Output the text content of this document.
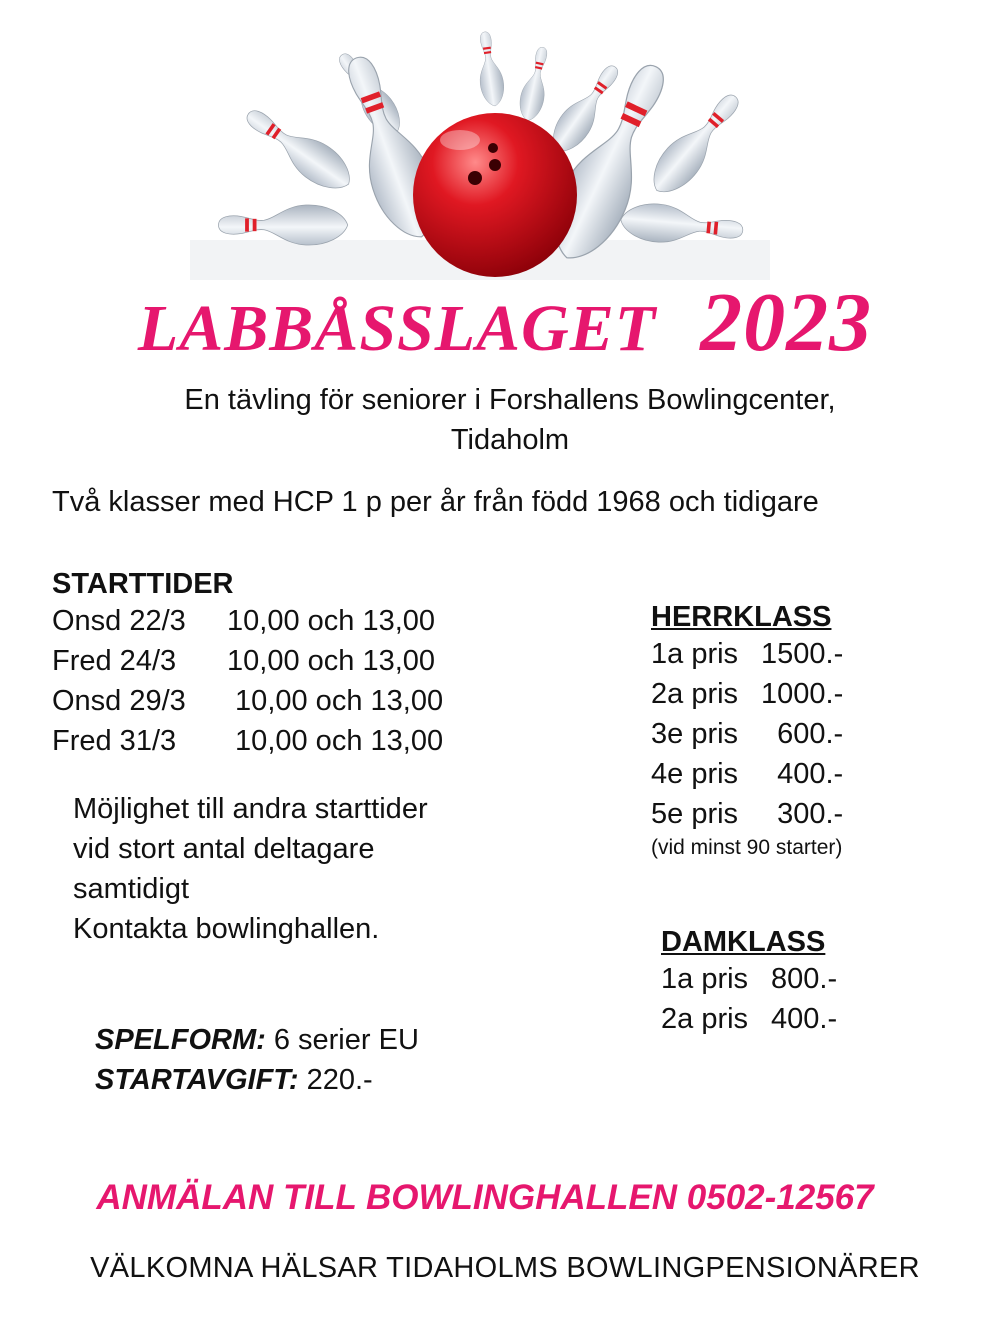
LABBÅSSLAGET 2023
En tävling för seniorer i Forshallens Bowlingcenter,
Tidaholm
Två klasser med HCP 1 p per år från född 1968 och tidigare
STARTTIDER
Onsd 22/3 10,00 och 13,00
Fred 24/3 10,00 och 13,00
Onsd 29/3 10,00 och 13,00
Fred 31/3 10,00 och 13,00
Möjlighet till andra starttider
vid stort antal deltagare
samtidigt
Kontakta bowlinghallen.
SPELFORM: 6 serier EU
STARTAVGIFT: 220.-
HERRKLASS
1a pris 1500.-
2a pris 1000.-
3e pris  600.-
4e pris  400.-
5e pris  300.-
(vid minst 90 starter)
DAMKLASS
1a pris 800.-
2a pris 400.-
ANMÄLAN TILL BOWLINGHALLEN 0502-12567
VÄLKOMNA HÄLSAR TIDAHOLMS BOWLINGPENSIONÄRER
